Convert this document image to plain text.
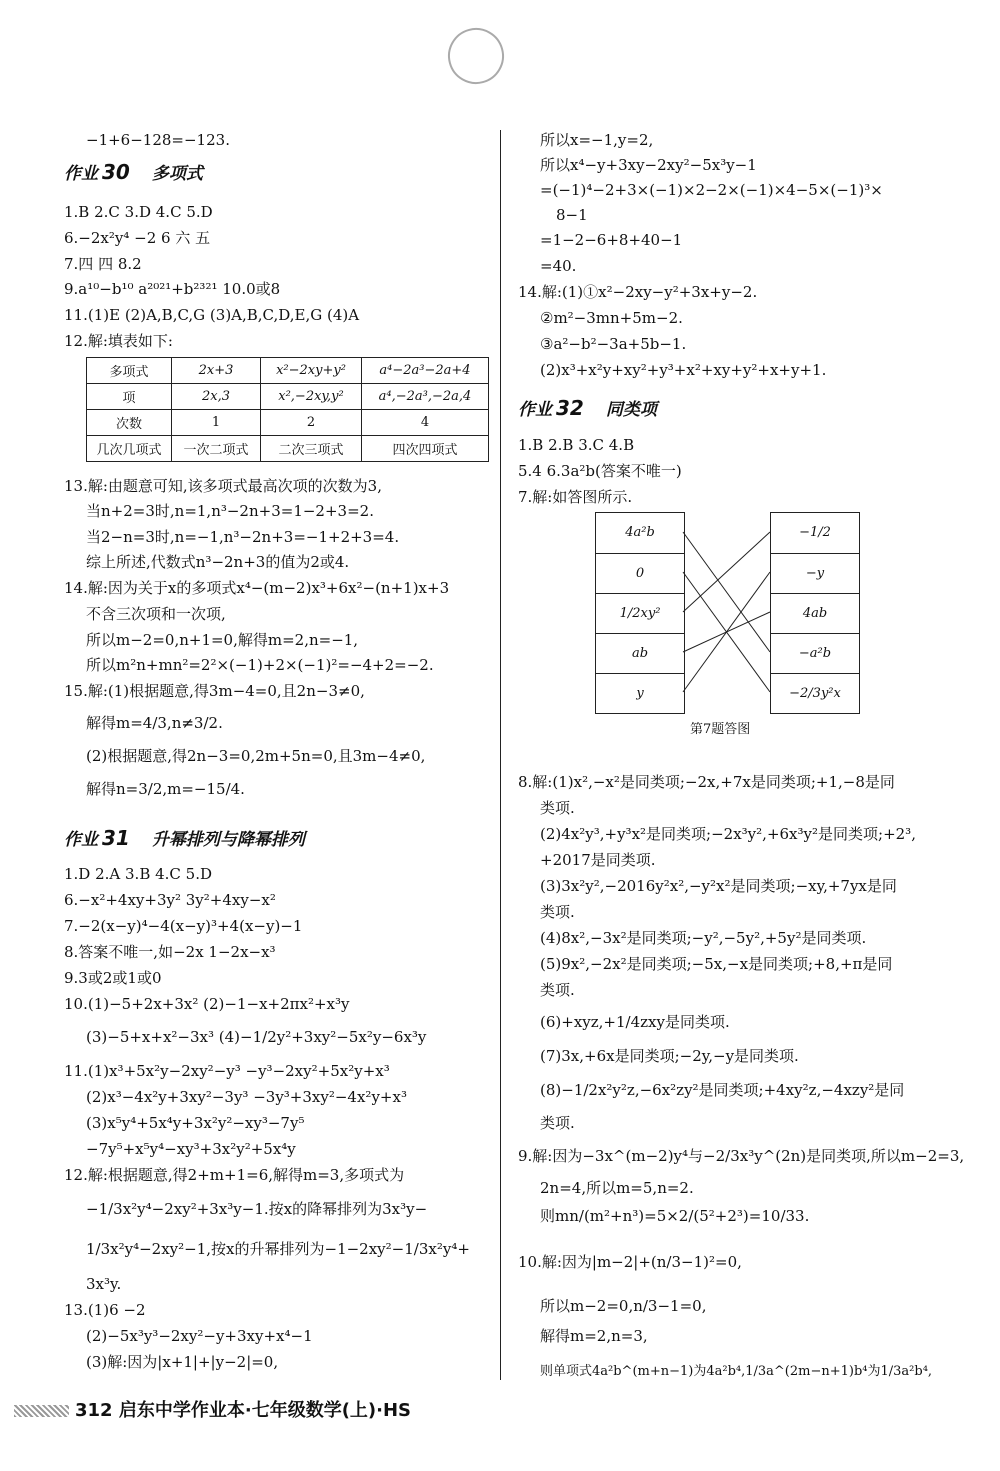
−1+6−128=−123.
作业 30 多项式
1.B 2.C 3.D 4.C 5.D
6.−2x²y⁴ −2 6 六 五
7.四 四 8.2
9.a¹⁰−b¹⁰ a²⁰²¹+b²³²¹ 10.0或8
11.(1)E (2)A,B,C,G (3)A,B,C,D,E,G (4)A
12.解:填表如下:
多项式	2x+3	x²−2xy+y²	a⁴−2a³−2a+4
项	2x,3	x²,−2xy,y²	a⁴,−2a³,−2a,4
次数	1	2	4
几次几项式	一次二项式	二次三项式	四次四项式
13.解:由题意可知,该多项式最高次项的次数为3,
当n+2=3时,n=1,n³−2n+3=1−2+3=2.
当2−n=3时,n=−1,n³−2n+3=−1+2+3=4.
综上所述,代数式n³−2n+3的值为2或4.
14.解:因为关于x的多项式x⁴−(m−2)x³+6x²−(n+1)x+3
不含三次项和一次项,
所以m−2=0,n+1=0,解得m=2,n=−1,
所以m²n+mn²=2²×(−1)+2×(−1)²=−4+2=−2.
15.解:(1)根据题意,得3m−4=0,且2n−3≠0,
解得m=4/3,n≠3/2.
(2)根据题意,得2n−3=0,2m+5n=0,且3m−4≠0,
解得n=3/2,m=−15/4.
作业 31 升幂排列与降幂排列
1.D 2.A 3.B 4.C 5.D
6.−x²+4xy+3y² 3y²+4xy−x²
7.−2(x−y)⁴−4(x−y)³+4(x−y)−1
8.答案不唯一,如−2x 1−2x−x³
9.3或2或1或0
10.(1)−5+2x+3x² (2)−1−x+2πx²+x³y
(3)−5+x+x²−3x³ (4)−1/2y²+3xy²−5x²y−6x³y
11.(1)x³+5x²y−2xy²−y³ −y³−2xy²+5x²y+x³
(2)x³−4x²y+3xy²−3y³ −3y³+3xy²−4x²y+x³
(3)x⁵y⁴+5x⁴y+3x²y²−xy³−7y⁵
−7y⁵+x⁵y⁴−xy³+3x²y²+5x⁴y
12.解:根据题意,得2+m+1=6,解得m=3,多项式为
−1/3x²y⁴−2xy²+3x³y−1.按x的降幂排列为3x³y−
1/3x²y⁴−2xy²−1,按x的升幂排列为−1−2xy²−1/3x²y⁴+
3x³y.
13.(1)6 −2
(2)−5x³y³−2xy²−y+3xy+x⁴−1
(3)解:因为|x+1|+|y−2|=0,
所以x=−1,y=2,
所以x⁴−y+3xy−2xy²−5x³y−1
=(−1)⁴−2+3×(−1)×2−2×(−1)×4−5×(−1)³×
8−1
=1−2−6+8+40−1
=40.
14.解:(1)①x²−2xy−y²+3x+y−2.
②m²−3mn+5m−2.
③a²−b²−3a+5b−1.
(2)x³+x²y+xy²+y³+x²+xy+y²+x+y+1.
作业 32 同类项
1.B 2.B 3.C 4.B
5.4 6.3a²b(答案不唯一)
7.解:如答图所示.
4a²b
0
1/2xy²
ab
y
−1/2
−y
4ab
−a²b
−2/3y²x
第7题答图
8.解:(1)x²,−x²是同类项;−2x,+7x是同类项;+1,−8是同
类项.
(2)4x²y³,+y³x²是同类项;−2x³y²,+6x³y²是同类项;+2³,
+2017是同类项.
(3)3x²y²,−2016y²x²,−y²x²是同类项;−xy,+7yx是同
类项.
(4)8x²,−3x²是同类项;−y²,−5y²,+5y²是同类项.
(5)9x²,−2x²是同类项;−5x,−x是同类项;+8,+π是同
类项.
(6)+xyz,+1/4zxy是同类项.
(7)3x,+6x是同类项;−2y,−y是同类项.
(8)−1/2x²y²z,−6x²zy²是同类项;+4xy²z,−4xzy²是同
类项.
9.解:因为−3x^(m−2)y⁴与−2/3x³y^(2n)是同类项,所以m−2=3,
2n=4,所以m=5,n=2.
则mn/(m²+n³)=5×2/(5²+2³)=10/33.
10.解:因为|m−2|+(n/3−1)²=0,
所以m−2=0,n/3−1=0,
解得m=2,n=3,
则单项式4a²b^(m+n−1)为4a²b⁴,1/3a^(2m−n+1)b⁴为1/3a²b⁴,
312 启东中学作业本·七年级数学(上)·HS
